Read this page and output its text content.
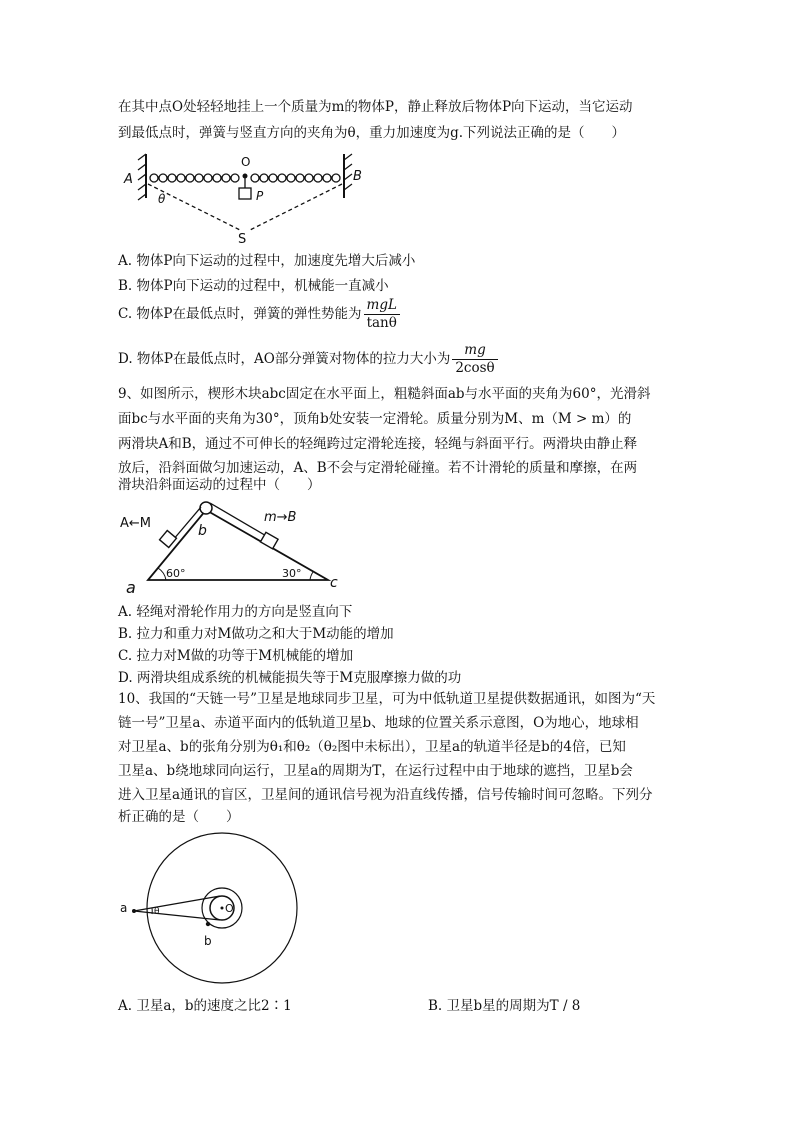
在其中点O处轻轻地挂上一个质量为m的物体P，静止释放后物体P向下运动，当它运动
到最低点时，弹簧与竖直方向的夹角为θ，重力加速度为g.下列说法正确的是（　　）
S
A	B
O
P
θ
A. 物体P向下运动的过程中，加速度先增大后减小
B. 物体P向下运动的过程中，机械能一直减小
C. 物体P在最低点时，弹簧的弹性势能为 $\frac{\text{mgL}}{\tan\theta}$
D. 物体P在最低点时，AO部分弹簧对物体的拉力大小为 $\frac{mg}{2\cos\theta}$
9、如图所示，楔形木块abc固定在水平面上，粗糙斜面ab与水平面的夹角为60°，光滑斜
面bc与水平面的夹角为30°，顶角b处安装一定滑轮。质量分别为M、m（M > m）的
两滑块A和B，通过不可伸长的轻绳跨过定滑轮连接，轻绳与斜面平行。两滑块由静止释
放后，沿斜面做匀加速运动，A、B不会与定滑轮碰撞。若不计滑轮的质量和摩擦，在两
滑块沿斜面运动的过程中（　　）
A←M	m→B
b
a	c
60°	30°
A. 轻绳对滑轮作用力的方向是竖直向下
B. 拉力和重力对M做功之和大于M动能的增加
C. 拉力对M做的功等于M机械能的增加
D. 两滑块组成系统的机械能损失等于M克服摩擦力做的功
10、我国的“天链一号”卫星是地球同步卫星，可为中低轨道卫星提供数据通讯，如图为“天
链一号”卫星a、赤道平面内的低轨道卫星b、地球的位置关系示意图，O为地心，地球相
对卫星a、b的张角分别为θ₁和θ₂（θ₂图中未标出），卫星a的轨道半径是b的4倍，已知
卫星a、b绕地球同向运行，卫星a的周期为T，在运行过程中由于地球的遮挡，卫星b会
进入卫星a通讯的盲区，卫星间的通讯信号视为沿直线传播，信号传输时间可忽略。下列分
析正确的是（　　）
θ
a
b
O
A. 卫星a，b的速度之比2∶1	B. 卫星b星的周期为T / 8
